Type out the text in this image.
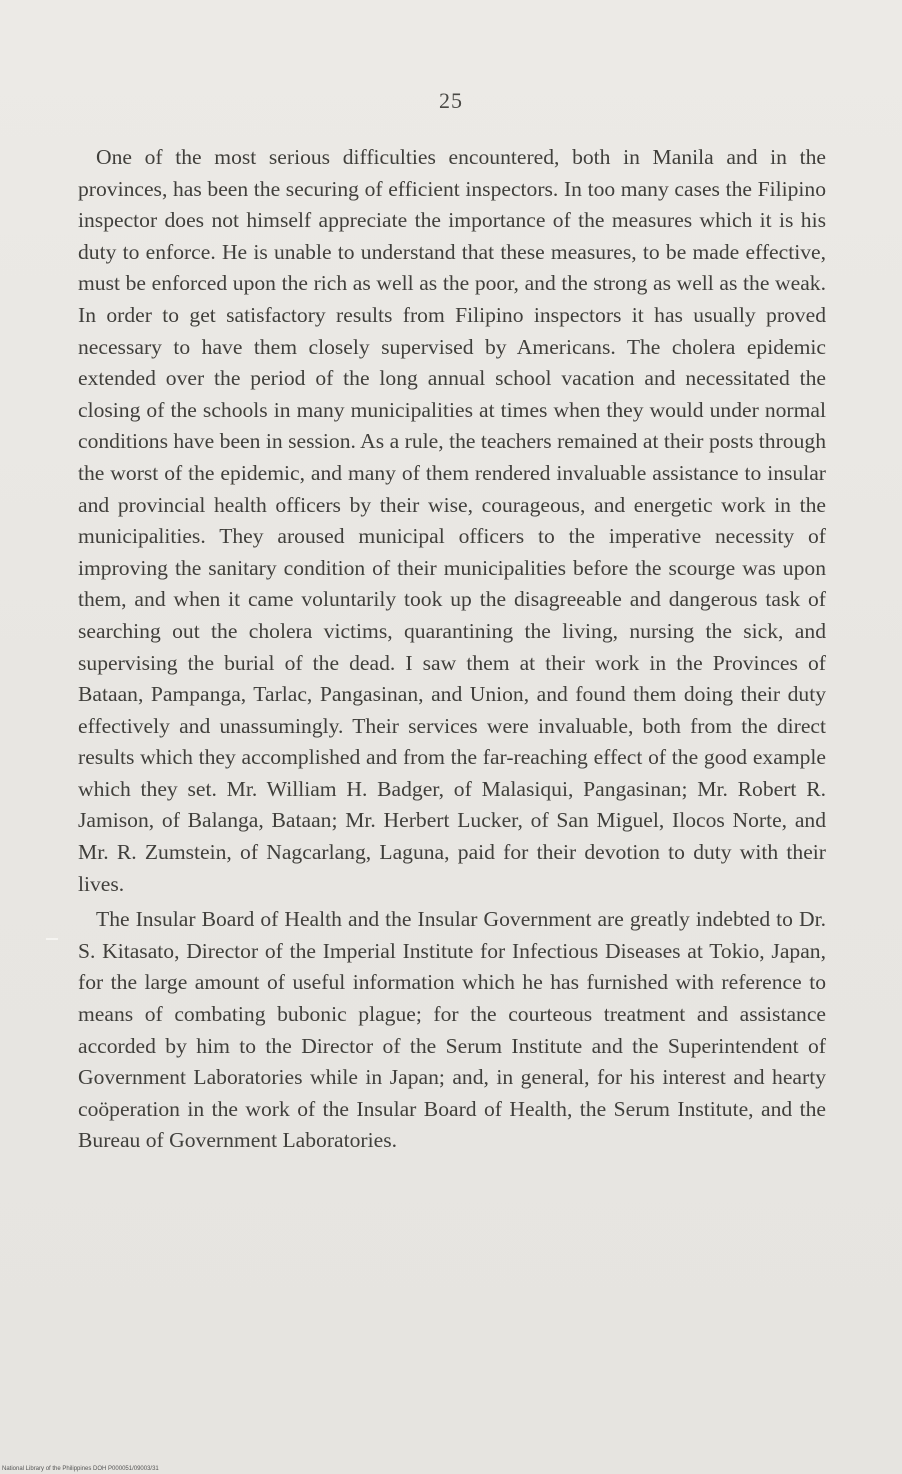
25

One of the most serious difficulties encountered, both in Manila and in the provinces, has been the securing of efficient inspectors. In too many cases the Filipino inspector does not himself appreciate the importance of the measures which it is his duty to enforce. He is unable to understand that these measures, to be made effective, must be enforced upon the rich as well as the poor, and the strong as well as the weak. In order to get satisfactory results from Filipino inspectors it has usually proved necessary to have them closely supervised by Americans. The cholera epidemic extended over the period of the long annual school vacation and necessitated the closing of the schools in many municipalities at times when they would under normal conditions have been in session. As a rule, the teachers remained at their posts through the worst of the epidemic, and many of them rendered invaluable assistance to insular and provincial health officers by their wise, courageous, and energetic work in the municipalities. They aroused municipal officers to the imperative necessity of improving the sanitary condition of their municipalities before the scourge was upon them, and when it came voluntarily took up the disagreeable and dangerous task of searching out the cholera victims, quarantining the living, nursing the sick, and supervising the burial of the dead. I saw them at their work in the Provinces of Bataan, Pampanga, Tarlac, Pangasinan, and Union, and found them doing their duty effectively and unassumingly. Their services were invaluable, both from the direct results which they accomplished and from the far-reaching effect of the good example which they set. Mr. William H. Badger, of Malasiqui, Pangasinan; Mr. Robert R. Jamison, of Balanga, Bataan; Mr. Herbert Lucker, of San Miguel, Ilocos Norte, and Mr. R. Zumstein, of Nagcarlang, Laguna, paid for their devotion to duty with their lives.

The Insular Board of Health and the Insular Government are greatly indebted to Dr. S. Kitasato, Director of the Imperial Institute for Infectious Diseases at Tokio, Japan, for the large amount of useful information which he has furnished with reference to means of combating bubonic plague; for the courteous treatment and assistance accorded by him to the Director of the Serum Institute and the Superintendent of Government Laboratories while in Japan; and, in general, for his interest and hearty coöperation in the work of the Insular Board of Health, the Serum Institute, and the Bureau of Government Laboratories.

National Library of the Philippines DOH P000051/09003/31
